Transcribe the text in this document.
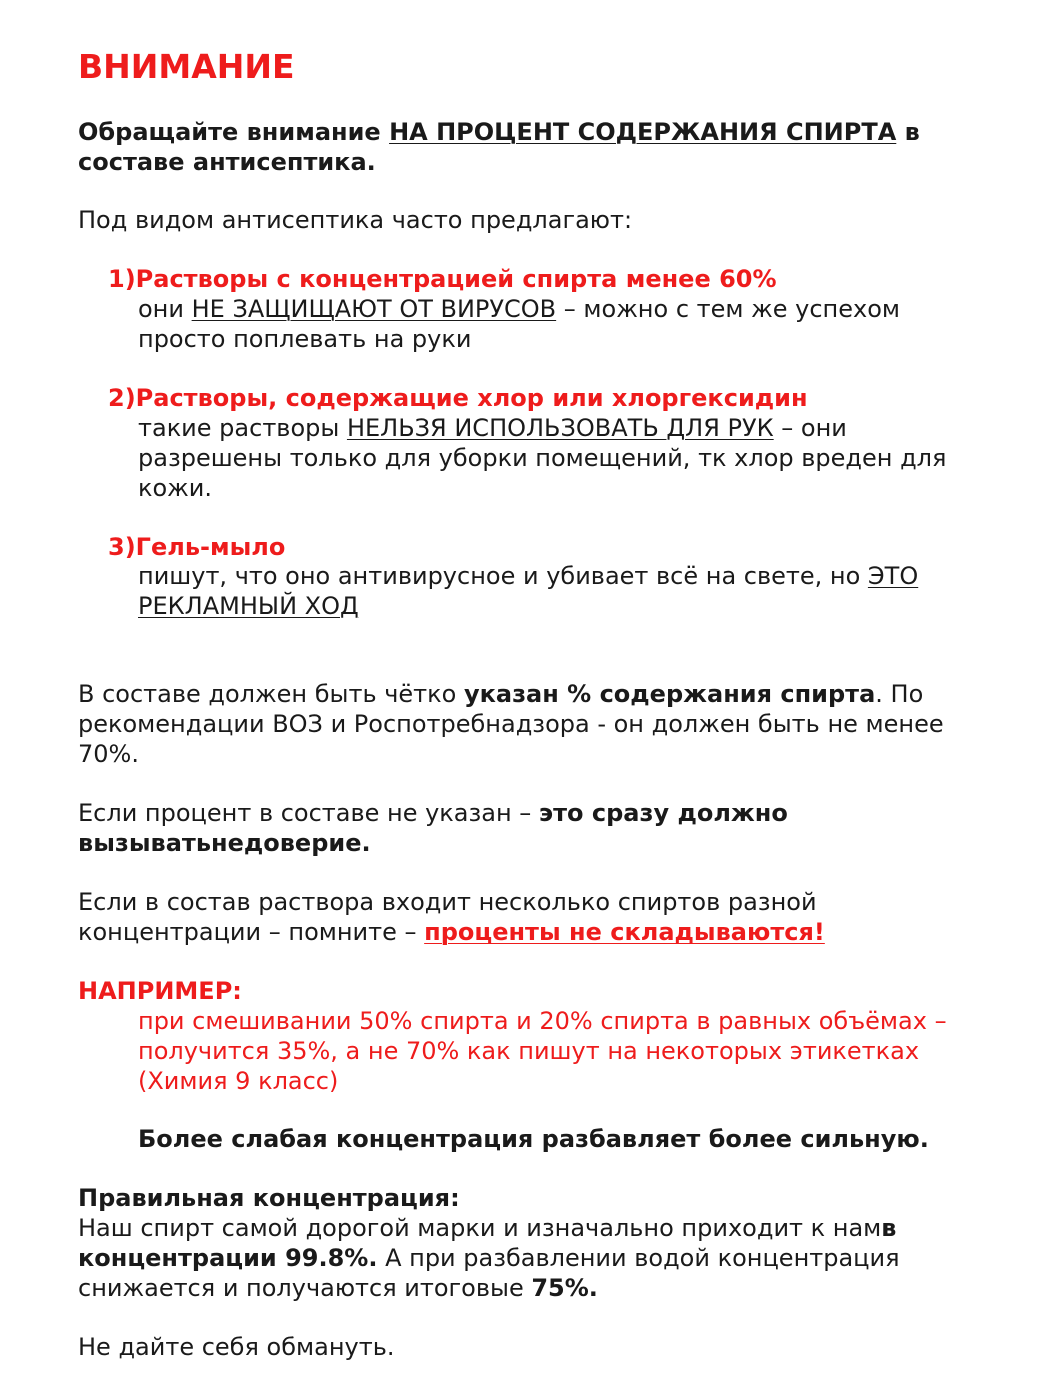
ВНИМАНИЕ

Обращайте внимание НА ПРОЦЕНТ СОДЕРЖАНИЯ СПИРТА в

составе антисептика.

Под видом антисептика часто предлагают:

1)Растворы с концентрацией спирта менее 60%

они НЕ ЗАЩИЩАЮТ ОТ ВИРУСОВ – можно с тем же успехом

просто поплевать на руки

2)Растворы, содержащие хлор или хлоргексидин

такие растворы НЕЛЬЗЯ ИСПОЛЬЗОВАТЬ ДЛЯ РУК – они

разрешены только для уборки помещений, тк хлор вреден для

кожи.

3)Гель-мыло

пишут, что оно антивирусное и убивает всё на свете, но ЭТО

РЕКЛАМНЫЙ ХОД

В составе должен быть чётко указан % содержания спирта. По

рекомендации ВОЗ и Роспотребнадзора - он должен быть не менее

70%.

Если процент в составе не указан – это сразу должно

вызыватьнедоверие.

Если в состав раствора входит несколько спиртов разной

концентрации – помните – проценты не складываются!

НАПРИМЕР:

при смешивании 50% спирта и 20% спирта в равных объёмах –

получится 35%, а не 70% как пишут на некоторых этикетках

(Химия 9 класс)

Более слабая концентрация разбавляет более сильную.

Правильная концентрация:

Наш спирт самой дорогой марки и изначально приходит к намв

концентрации 99.8%. А при разбавлении водой концентрация

снижается и получаются итоговые 75%.

Не дайте себя обмануть.
